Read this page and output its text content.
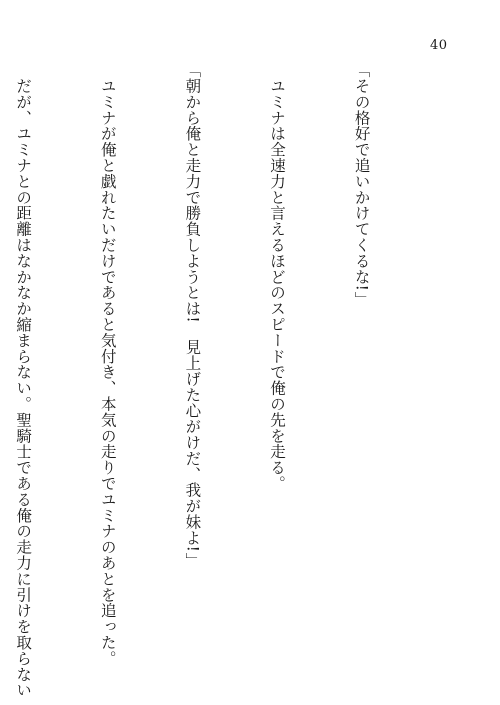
40

「その格好で追いかけてくるな!」

　ユミナは全速力と言えるほどのスピードで俺の先を走る。

「朝から俺と走力で勝負しようとは!　見上げた心がけだ、我が妹よ!」

　ユミナが俺と戯れたいだけであると気付き、本気の走りでユミナのあとを追った。

　だが、ユミナとの距離はなかなか縮まらない。聖騎士である俺の走力に引けを取らない
